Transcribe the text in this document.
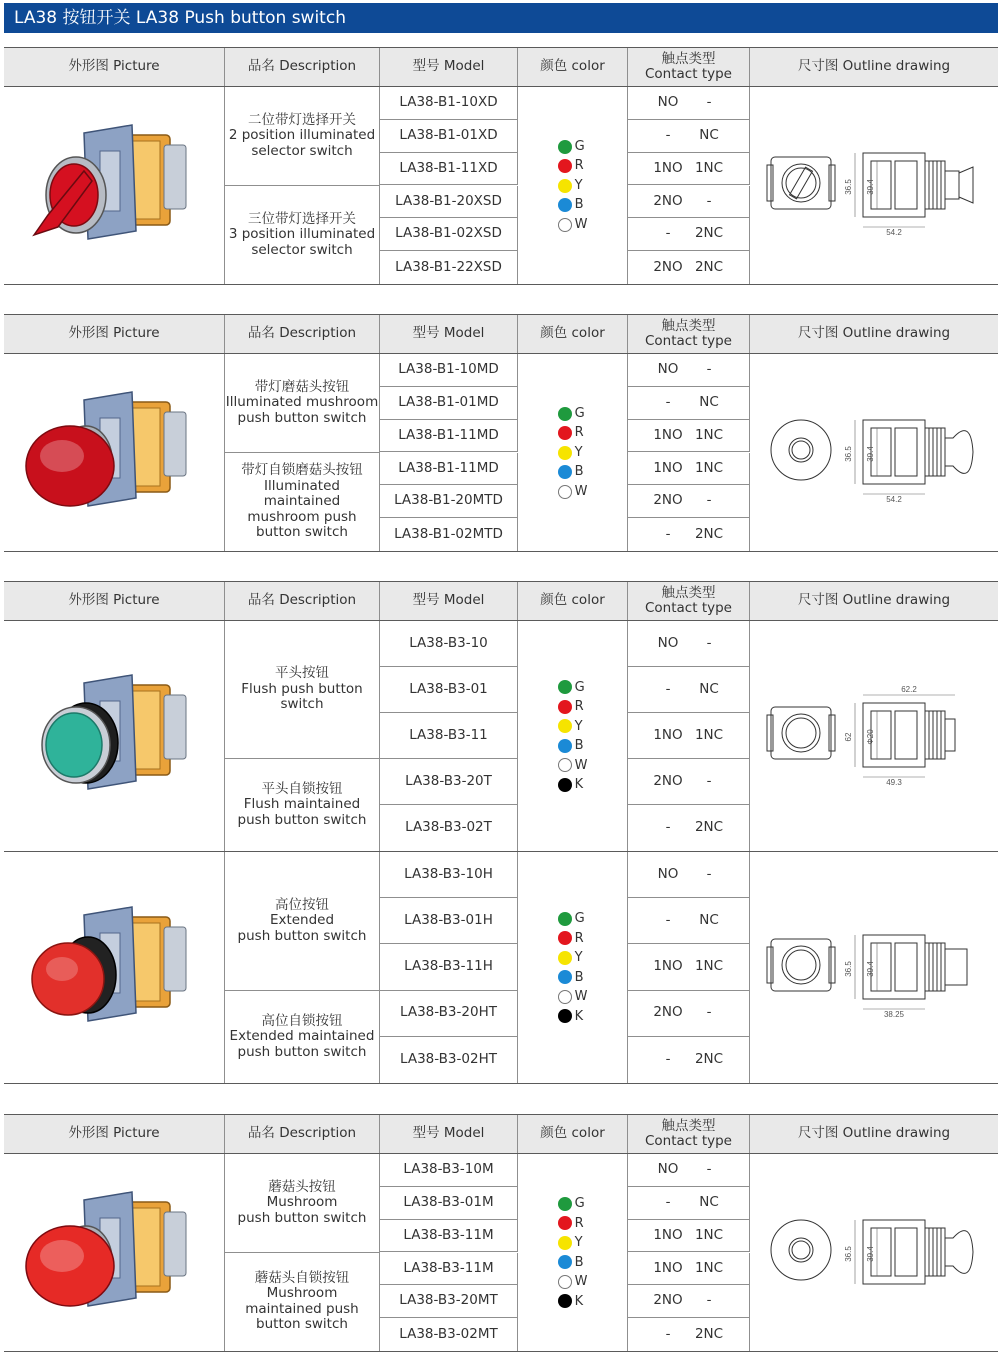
LA38 按钮开关 LA38 Push button switch
外形图 Picture	品名 Description	型号 Model	颜色 color	触点类型
Contact type	尺寸图 Outline drawing
二位带灯选择开关
2 position illuminated
selector switch
LA38-B1-10XD	NO	-
LA38-B1-01XD	-	NC
LA38-B1-11XD	1NO 1NC
三位带灯选择开关
3 position illuminated
selector switch
LA38-B1-20XSD	2NO	-
LA38-B1-02XSD	-	2NC
LA38-B1-22XSD	2NO 2NC
G
R
Y
B
W
36.5 39.4
54.2
外形图 Picture	品名 Description	型号 Model	颜色 color	触点类型
Contact type	尺寸图 Outline drawing
带灯磨菇头按钮
Illuminated mushroom
push button switch
LA38-B1-10MD	NO	-
LA38-B1-01MD	-	NC
LA38-B1-11MD	1NO 1NC
带灯自锁磨菇头按钮
Illuminated maintained
mushroom push
button switch
LA38-B1-11MD	1NO 1NC
LA38-B1-20MTD	2NO	-
LA38-B1-02MTD	-	2NC
G
R
Y
B
W
36.5 39.4
54.2
外形图 Picture	品名 Description	型号 Model	颜色 color	触点类型
Contact type	尺寸图 Outline drawing
平头按钮
Flush push button
switch
LA38-B3-10	NO	-
LA38-B3-01	-	NC
LA38-B3-11	1NO 1NC
平头自锁按钮
Flush maintained
push button switch
LA38-B3-20T	2NO	-
LA38-B3-02T	-	2NC
G
R
Y
B
W
K
62 Φ20
49.3
62.2
高位按钮
Extended
push button switch
LA38-B3-10H	NO	-
LA38-B3-01H	-	NC
LA38-B3-11H	1NO 1NC
高位自锁按钮
Extended maintained
push button switch
LA38-B3-20HT	2NO	-
LA38-B3-02HT	-	2NC
G
R
Y
B
W
K
36.5 39.4
38.25
外形图 Picture	品名 Description	型号 Model	颜色 color	触点类型
Contact type	尺寸图 Outline drawing
蘑菇头按钮
Mushroom
push button switch
LA38-B3-10M	NO	-
LA38-B3-01M	-	NC
LA38-B3-11M	1NO 1NC
蘑菇头自锁按钮
Mushroom
maintained push
button switch
LA38-B3-11M	1NO 1NC
LA38-B3-20MT	2NO	-
LA38-B3-02MT	-	2NC
G
R
Y
B
W
K
36.5 39.4
